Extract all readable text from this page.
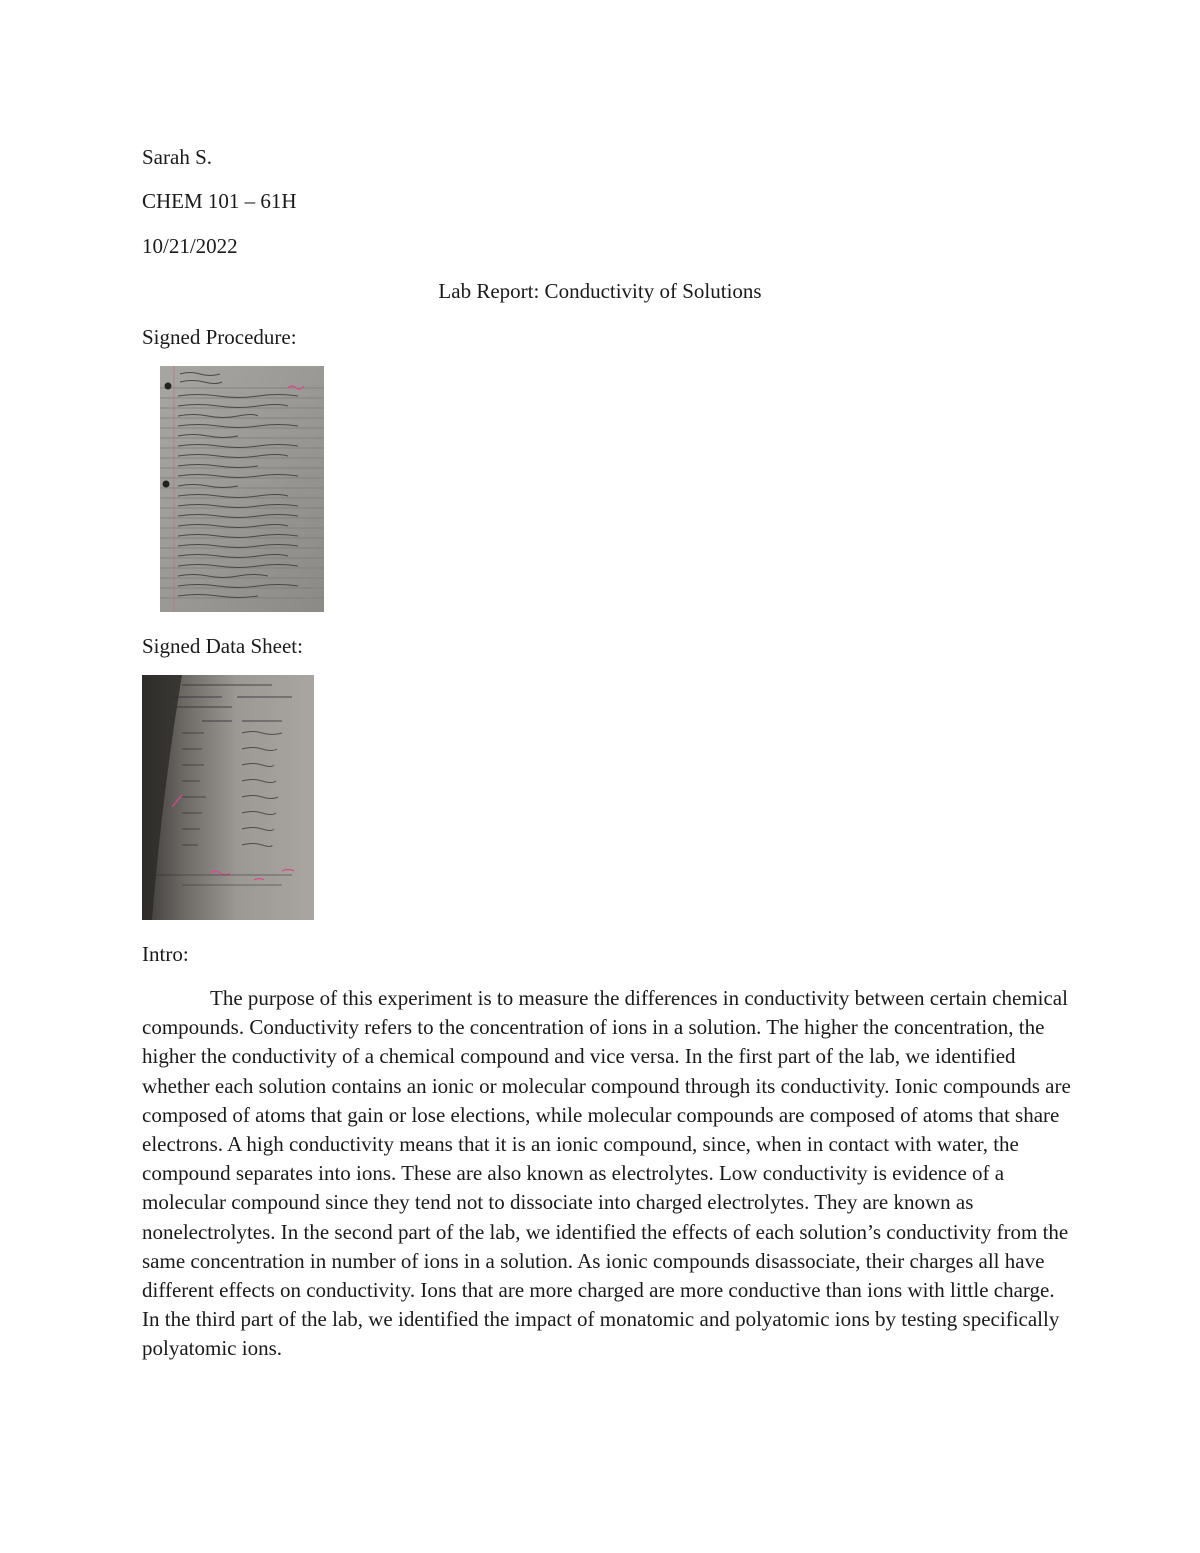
Sarah S.
CHEM 101 – 61H
10/21/2022
Lab Report: Conductivity of Solutions
Signed Procedure:
Signed Data Sheet:
Intro:

The purpose of this experiment is to measure the differences in conductivity between certain chemical compounds. Conductivity refers to the concentration of ions in a solution. The higher the concentration, the higher the conductivity of a chemical compound and vice versa. In the first part of the lab, we identified whether each solution contains an ionic or molecular compound through its conductivity. Ionic compounds are composed of atoms that gain or lose elections, while molecular compounds are composed of atoms that share electrons. A high conductivity means that it is an ionic compound, since, when in contact with water, the compound separates into ions. These are also known as electrolytes. Low conductivity is evidence of a molecular compound since they tend not to dissociate into charged electrolytes. They are known as nonelectrolytes. In the second part of the lab, we identified the effects of each solution’s conductivity from the same concentration in number of ions in a solution. As ionic compounds disassociate, their charges all have different effects on conductivity. Ions that are more charged are more conductive than ions with little charge. In the third part of the lab, we identified the impact of monatomic and polyatomic ions by testing specifically polyatomic ions.
